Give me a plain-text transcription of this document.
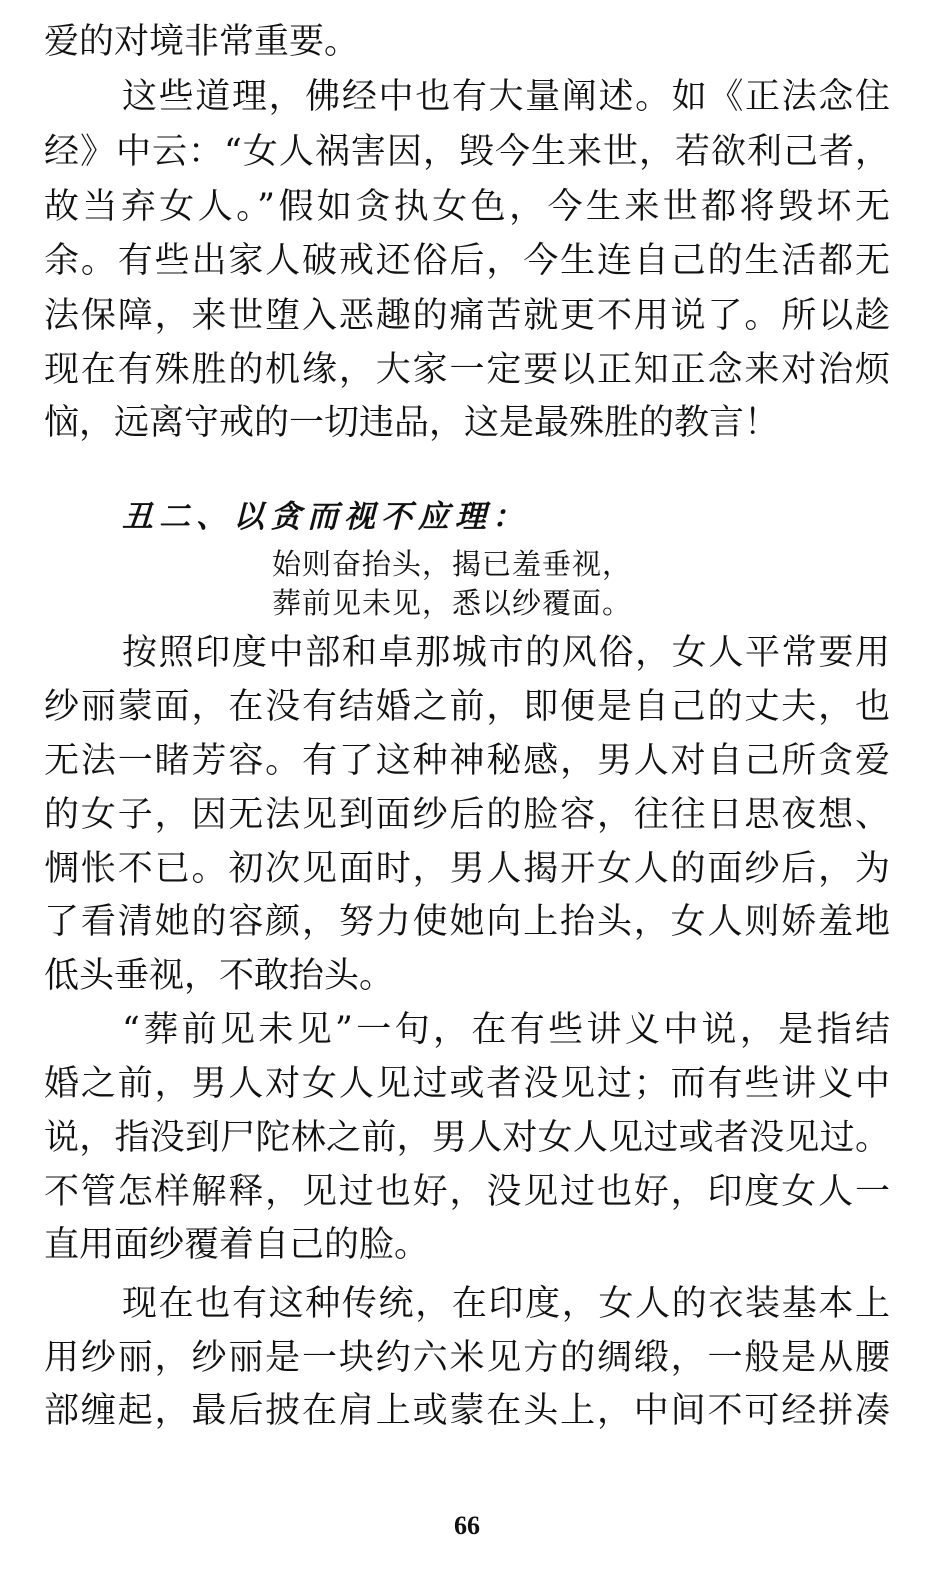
爱的对境非常重要。
这些道理，佛经中也有大量阐述。如《正法念住
经》中云：“女人祸害因，毁今生来世，若欲利己者，
故当弃女人。”假如贪执女色，今生来世都将毁坏无
余。有些出家人破戒还俗后，今生连自己的生活都无
法保障，来世堕入恶趣的痛苦就更不用说了。所以趁
现在有殊胜的机缘，大家一定要以正知正念来对治烦
恼，远离守戒的一切违品，这是最殊胜的教言！
丑二、以贪而视不应理：
始则奋抬头，揭已羞垂视，
葬前见未见，悉以纱覆面。
按照印度中部和卓那城市的风俗，女人平常要用
纱丽蒙面，在没有结婚之前，即便是自己的丈夫，也
无法一睹芳容。有了这种神秘感，男人对自己所贪爱
的女子，因无法见到面纱后的脸容，往往日思夜想、
惆怅不已。初次见面时，男人揭开女人的面纱后，为
了看清她的容颜，努力使她向上抬头，女人则娇羞地
低头垂视，不敢抬头。
“葬前见未见”一句，在有些讲义中说，是指结
婚之前，男人对女人见过或者没见过；而有些讲义中
说，指没到尸陀林之前，男人对女人见过或者没见过。
不管怎样解释，见过也好，没见过也好，印度女人一
直用面纱覆着自己的脸。
现在也有这种传统，在印度，女人的衣装基本上
用纱丽，纱丽是一块约六米见方的绸缎，一般是从腰
部缠起，最后披在肩上或蒙在头上，中间不可经拼凑
66
